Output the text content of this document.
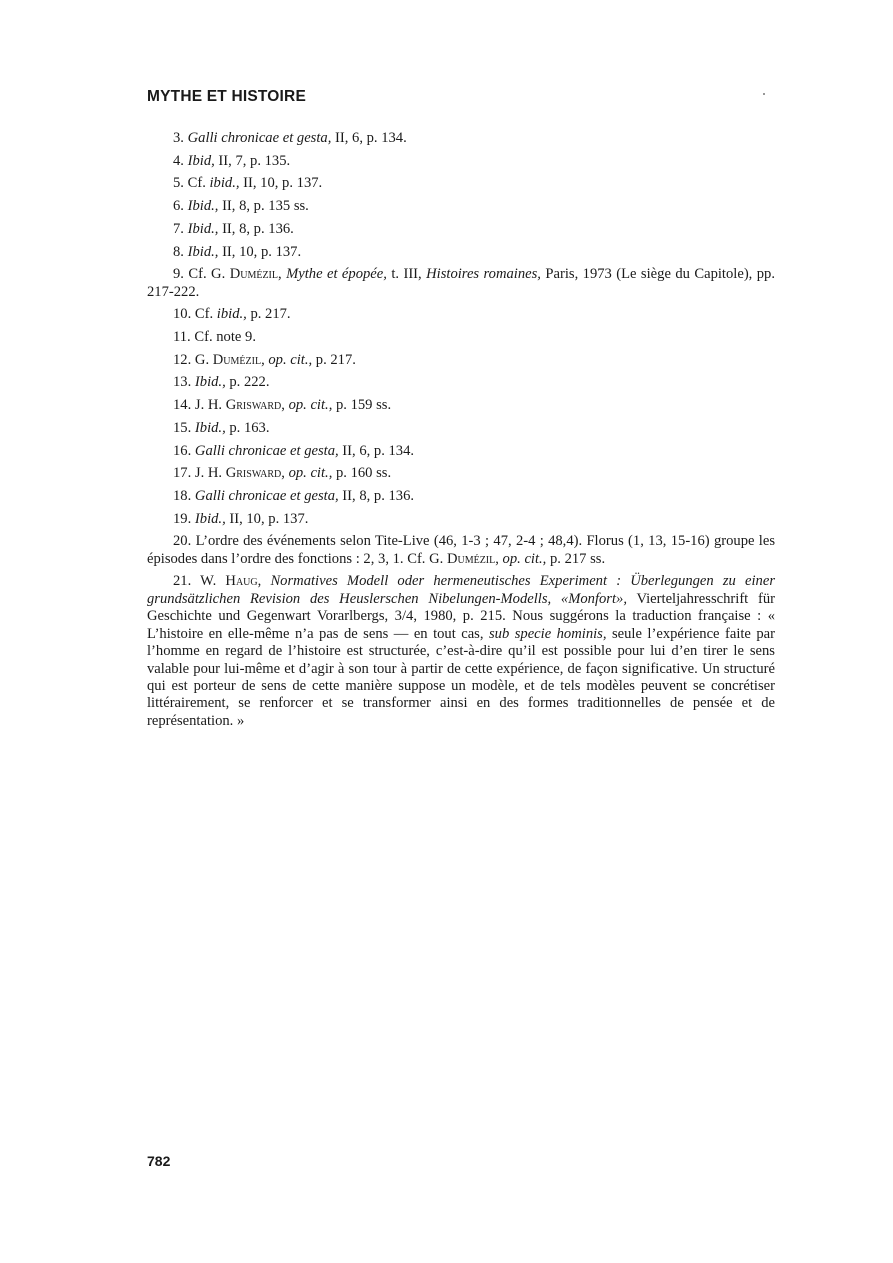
MYTHE ET HISTOIRE
3. Galli chronicae et gesta, II, 6, p. 134.
4. Ibid, II, 7, p. 135.
5. Cf. ibid., II, 10, p. 137.
6. Ibid., II, 8, p. 135 ss.
7. Ibid., II, 8, p. 136.
8. Ibid., II, 10, p. 137.
9. Cf. G. Dumézil, Mythe et épopée, t. III, Histoires romaines, Paris, 1973 (Le siège du Capitole), pp. 217-222.
10. Cf. ibid., p. 217.
11. Cf. note 9.
12. G. Dumézil, op. cit., p. 217.
13. Ibid., p. 222.
14. J. H. Grisward, op. cit., p. 159 ss.
15. Ibid., p. 163.
16. Galli chronicae et gesta, II, 6, p. 134.
17. J. H. Grisward, op. cit., p. 160 ss.
18. Galli chronicae et gesta, II, 8, p. 136.
19. Ibid., II, 10, p. 137.
20. L’ordre des événements selon Tite-Live (46, 1-3 ; 47, 2-4 ; 48,4). Florus (1, 13, 15-16) groupe les épisodes dans l’ordre des fonctions : 2, 3, 1. Cf. G. Dumézil, op. cit., p. 217 ss.
21. W. Haug, Normatives Modell oder hermeneutisches Experiment : Überlegungen zu einer grundsätzlichen Revision des Heuslerschen Nibelungen-Modells, «Monfort», Vierteljahresschrift für Geschichte und Gegenwart Vorarlbergs, 3/4, 1980, p. 215. Nous suggérons la traduction française : « L’histoire en elle-même n’a pas de sens — en tout cas, sub specie hominis, seule l’expérience faite par l’homme en regard de l’histoire est structurée, c’est-à-dire qu’il est possible pour lui d’en tirer le sens valable pour lui-même et d’agir à son tour à partir de cette expérience, de façon significative. Un structuré qui est porteur de sens de cette manière suppose un modèle, et de tels modèles peuvent se concrétiser littérairement, se renforcer et se transformer ainsi en des formes traditionnelles de pensée et de représentation. »
782
